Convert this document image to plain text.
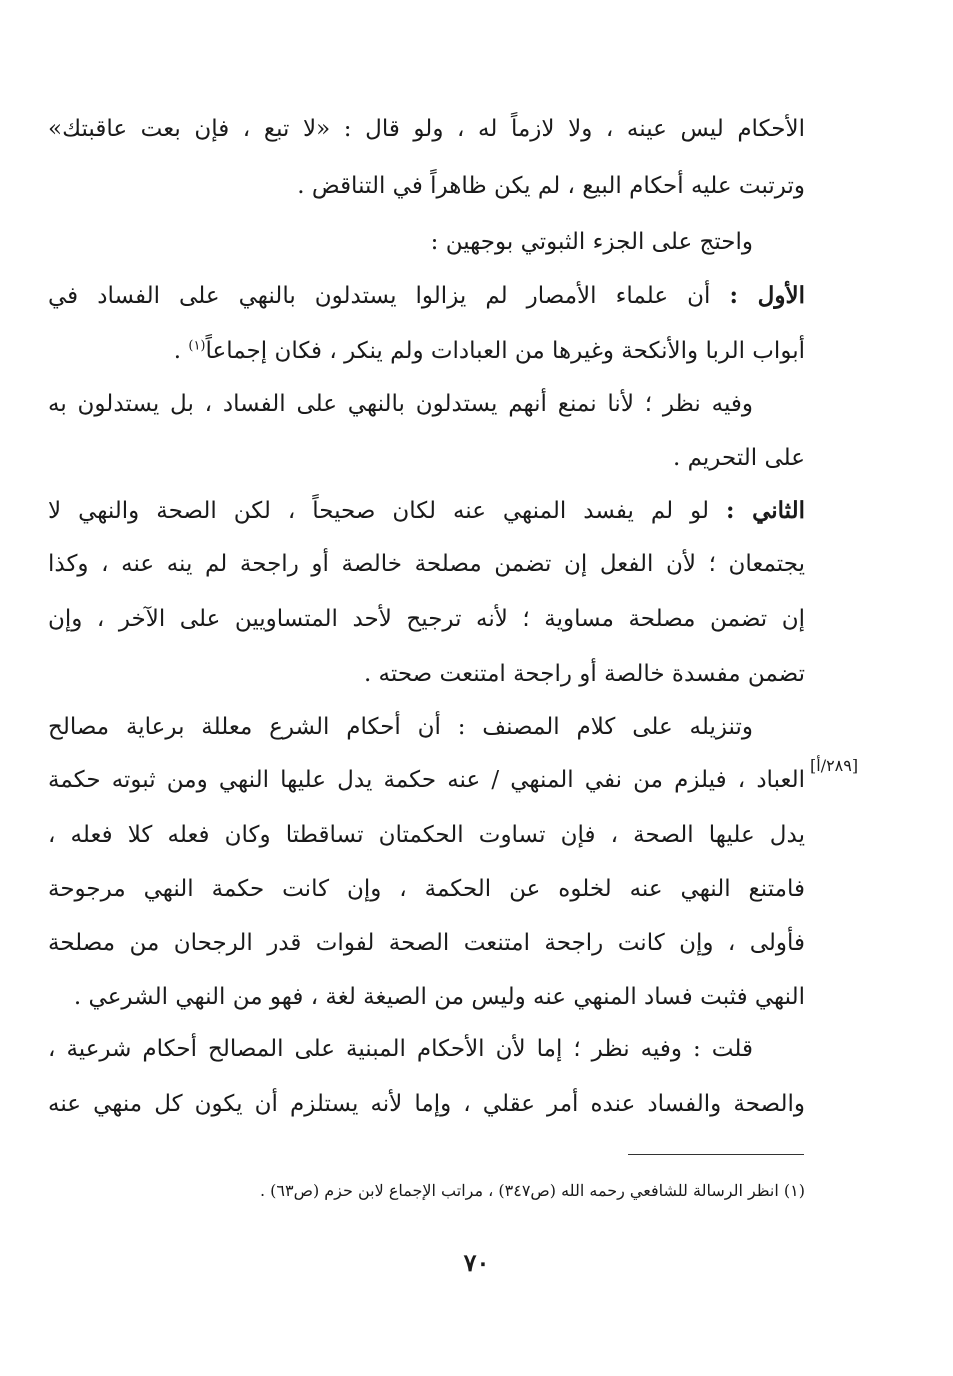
الأحكام ليس عينه ، ولا لازماً له ، ولو قال : «لا تبع ، فإن بعت عاقبتك»
وترتبت عليه أحكام البيع ، لم يكن ظاهراً في التناقض .
واحتج على الجزء الثبوتي بوجهين :
الأول : أن علماء الأمصار لم يزالوا يستدلون بالنهي على الفساد في
أبواب الربا والأنكحة وغيرها من العبادات ولم ينكر ، فكان إجماعاً$^{(١)}$ .
وفيه نظر ؛ لأنا نمنع أنهم يستدلون بالنهي على الفساد ، بل يستدلون به
على التحريم .
الثاني : لو لم يفسد المنهي عنه لكان صحيحاً ، لكن الصحة والنهي لا
يجتمعان ؛ لأن الفعل إن تضمن مصلحة خالصة أو راجحة لم ينه عنه ، وكذا
إن تضمن مصلحة مساوية ؛ لأنه ترجيح لأحد المتساويين على الآخر ، وإن
تضمن مفسدة خالصة أو راجحة امتنعت صحته .
وتنزيله على كلام المصنف : أن أحكام الشرع معللة برعاية مصالح
العباد ، فيلزم من نفي المنهي / عنه حكمة يدل عليها النهي ومن ثبوته حكمة
يدل عليها الصحة ، فإن تساوت الحكمتان تساقطتا وكان فعله كلا فعله ،
فامتنع النهي عنه لخلوه عن الحكمة ، وإن كانت حكمة النهي مرجوحة
فأولى ، وإن كانت راجحة امتنعت الصحة لفوات قدر الرجحان من مصلحة
النهي فثبت فساد المنهي عنه وليس من الصيغة لغة ، فهو من النهي الشرعي .
قلت : وفيه نظر ؛ إما لأن الأحكام المبنية على المصالح أحكام شرعية ،
والصحة والفساد عنده أمر عقلي ، وإما لأنه يستلزم أن يكون كل منهي عنه
[٢٨٩/أ]
(١) انظر الرسالة للشافعي رحمه الله (ص٣٤٧) ، مراتب الإجماع لابن حزم (ص٦٣) .
٧٠
